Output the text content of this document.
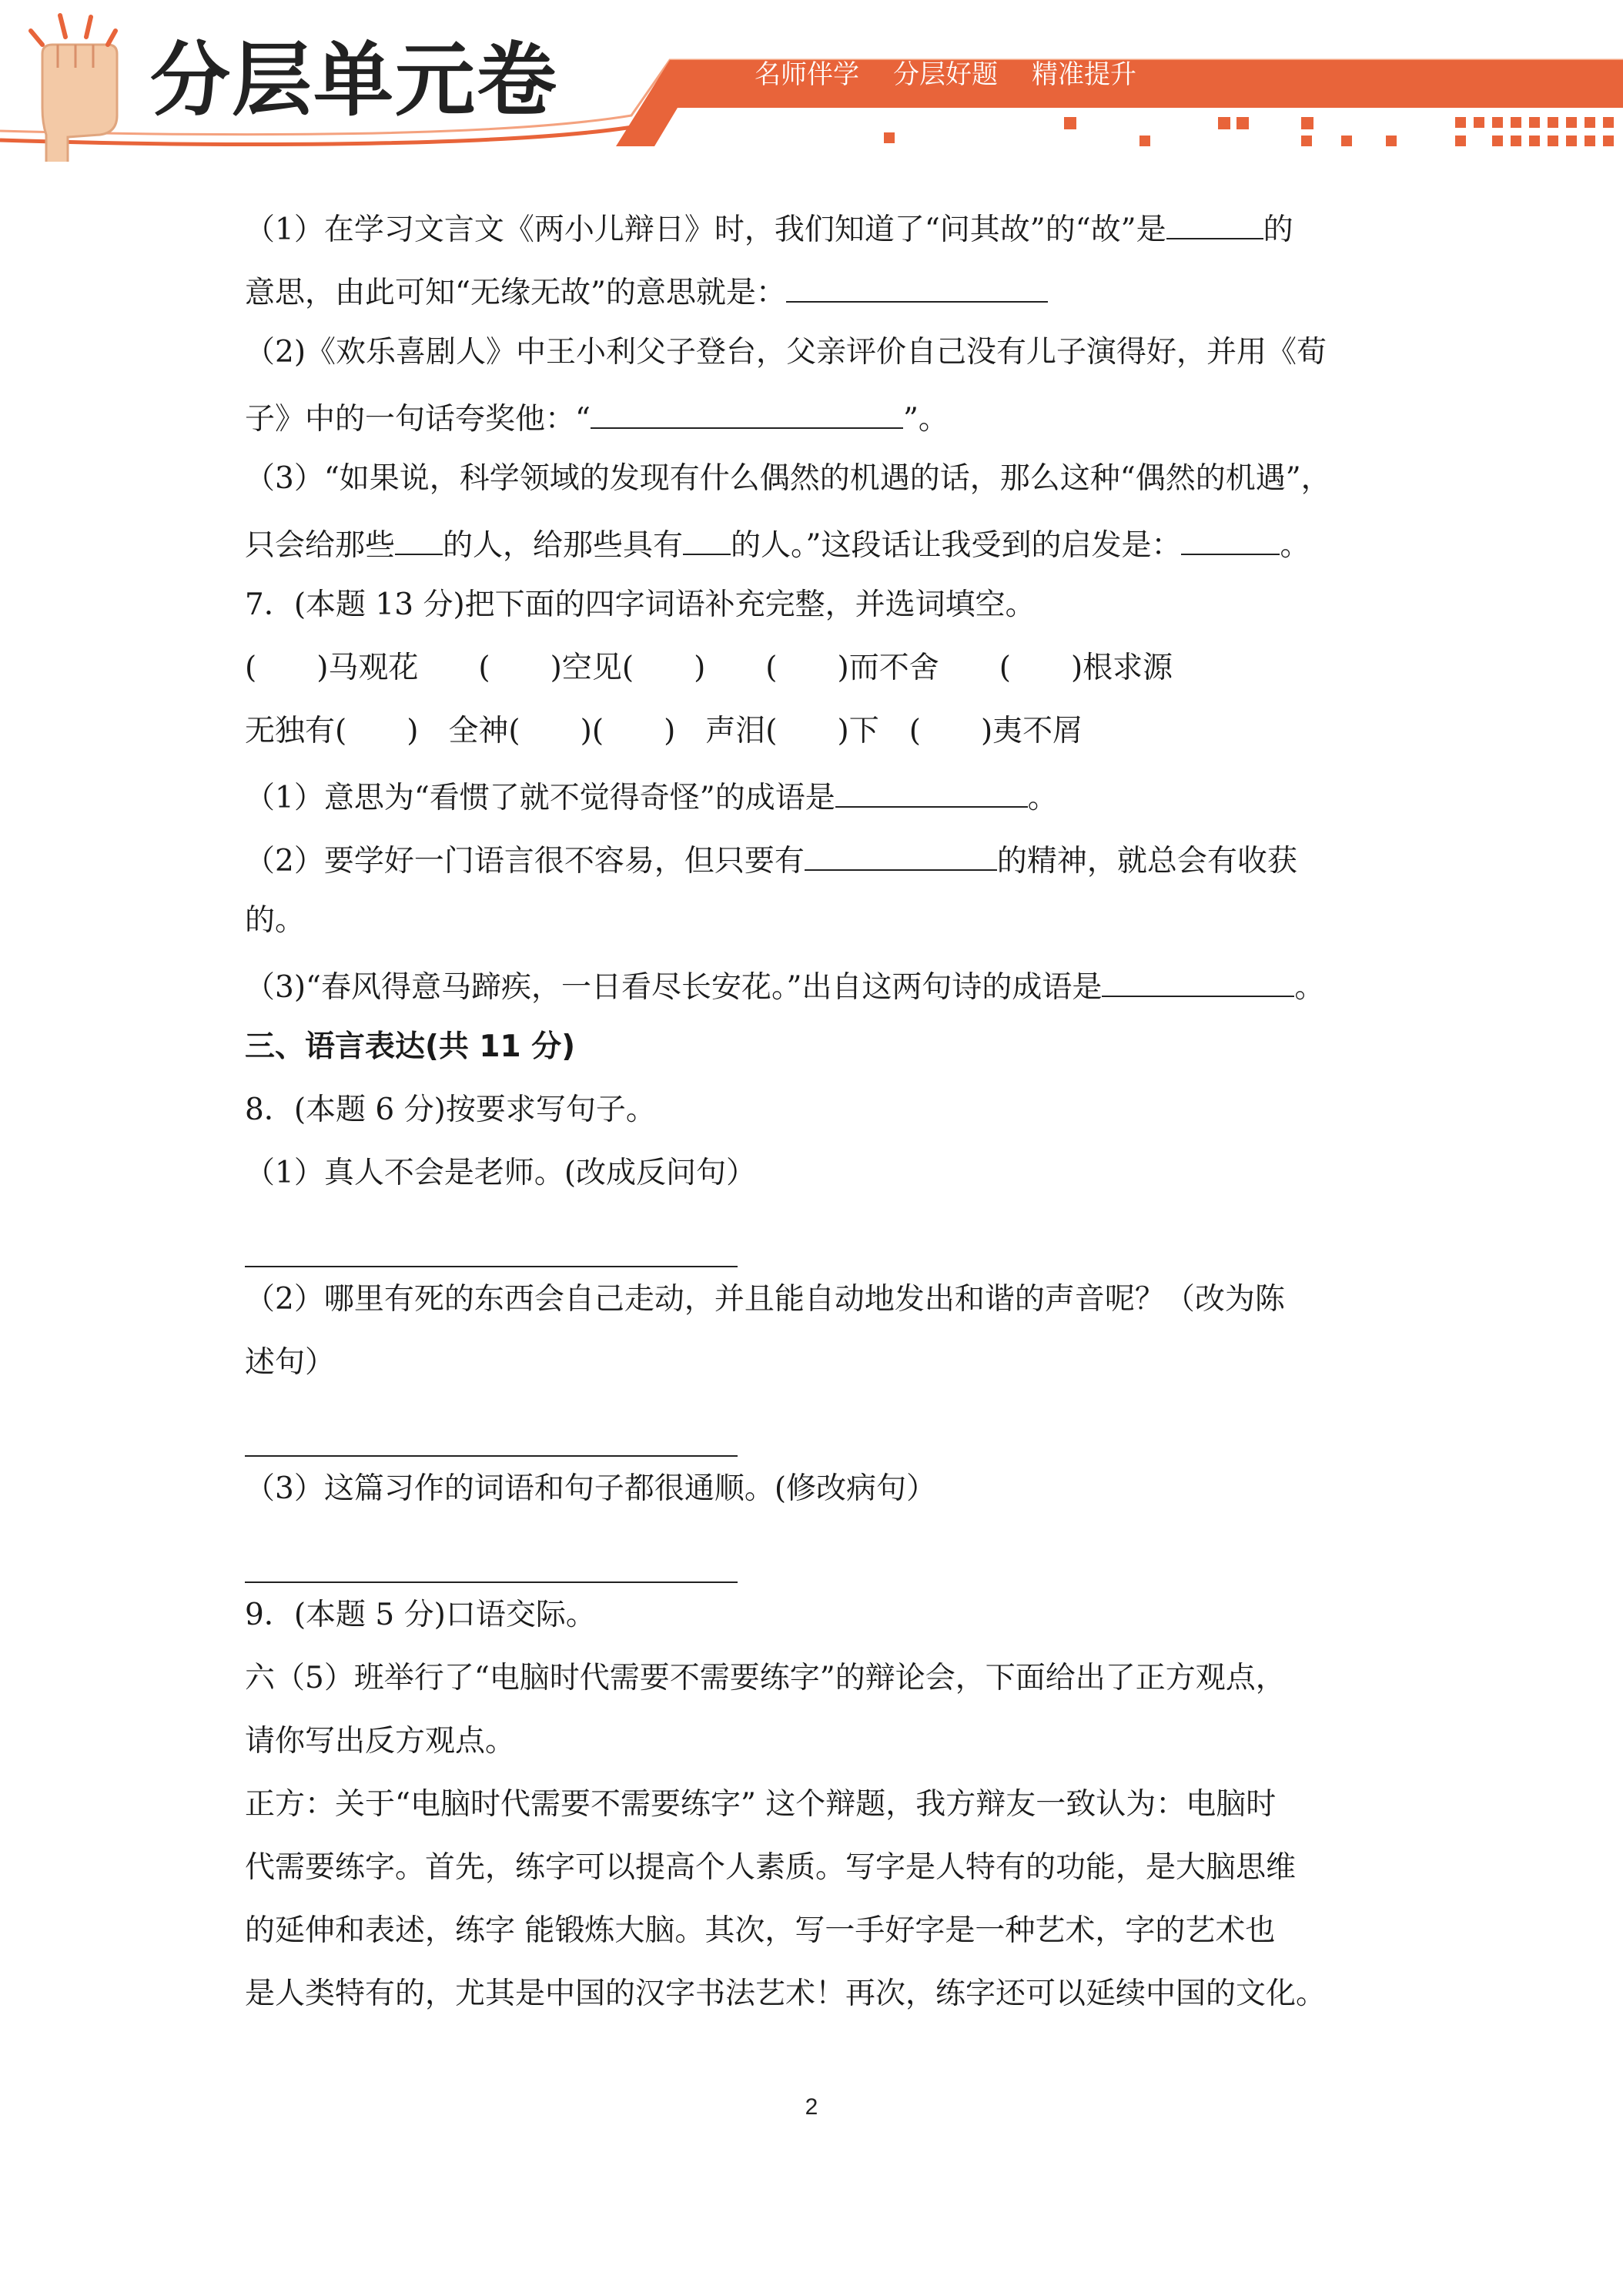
分层单元卷	名师伴学 分层好题 精准提升
（1）在学习文言文《两小儿辩日》时，我们知道了“问其故”的“故”是	的
意思，由此可知“无缘无故”的意思就是：
（2)《欢乐喜剧人》中王小利父子登台，父亲评价自己没有儿子演得好，并用《荀
子》中的一句话夸奖他：“	”。
（3）“如果说，科学领域的发现有什么偶然的机遇的话，那么这种“偶然的机遇”，
只会给那些 的人，给那些具有 的人。”这段话让我受到的启发是：	。
7．(本题 13 分)把下面的四字词语补充完整，并选词填空。
(　　)马观花　　(　　)空见(　　)　　(　　)而不舍　　(　　)根求源
无独有(　　)　全神(　　)(　　)　声泪(　　)下　(　　)夷不屑
（1）意思为“看惯了就不觉得奇怪”的成语是	。
（2）要学好一门语言很不容易，但只要有	的精神，就总会有收获
的。
（3)“春风得意马蹄疾，一日看尽长安花。”出自这两句诗的成语是	。
三、语言表达(共 11 分)
8．(本题 6 分)按要求写句子。
（1）真人不会是老师。(改成反问句）
（2）哪里有死的东西会自己走动，并且能自动地发出和谐的声音呢？（改为陈
述句）
（3）这篇习作的词语和句子都很通顺。(修改病句）
9．(本题 5 分)口语交际。
六（5）班举行了“电脑时代需要不需要练字”的辩论会，下面给出了正方观点，
请你写出反方观点。
正方：关于“电脑时代需要不需要练字” 这个辩题，我方辩友一致认为：电脑时
代需要练字。首先，练字可以提高个人素质。写字是人特有的功能，是大脑思维
的延伸和表述，练字 能锻炼大脑。其次，写一手好字是一种艺术，字的艺术也
是人类特有的，尤其是中国的汉字书法艺术！再次，练字还可以延续中国的文化。
2
